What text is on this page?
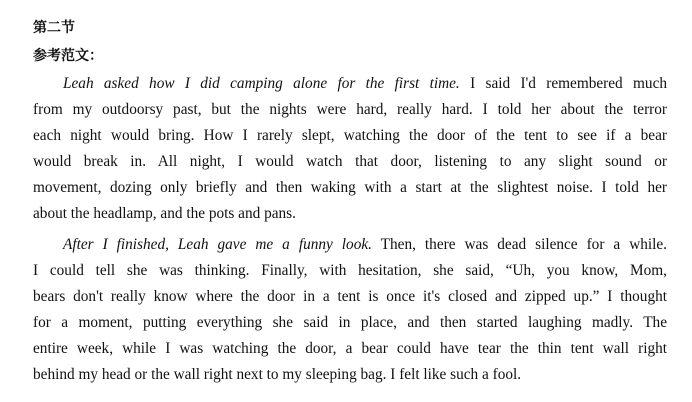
第二节
参考范文：
Leah asked how I did camping alone for the first time. I said I'd remembered much
from my outdoorsy past, but the nights were hard, really hard. I told her about the terror
each night would bring. How I rarely slept, watching the door of the tent to see if a bear
would break in. All night, I would watch that door, listening to any slight sound or
movement, dozing only briefly and then waking with a start at the slightest noise. I told her
about the headlamp, and the pots and pans.
After I finished, Leah gave me a funny look. Then, there was dead silence for a while.
I could tell she was thinking. Finally, with hesitation, she said, “Uh, you know, Mom,
bears don't really know where the door in a tent is once it's closed and zipped up.” I thought
for a moment, putting everything she said in place, and then started laughing madly. The
entire week, while I was watching the door, a bear could have tear the thin tent wall right
behind my head or the wall right next to my sleeping bag. I felt like such a fool.
